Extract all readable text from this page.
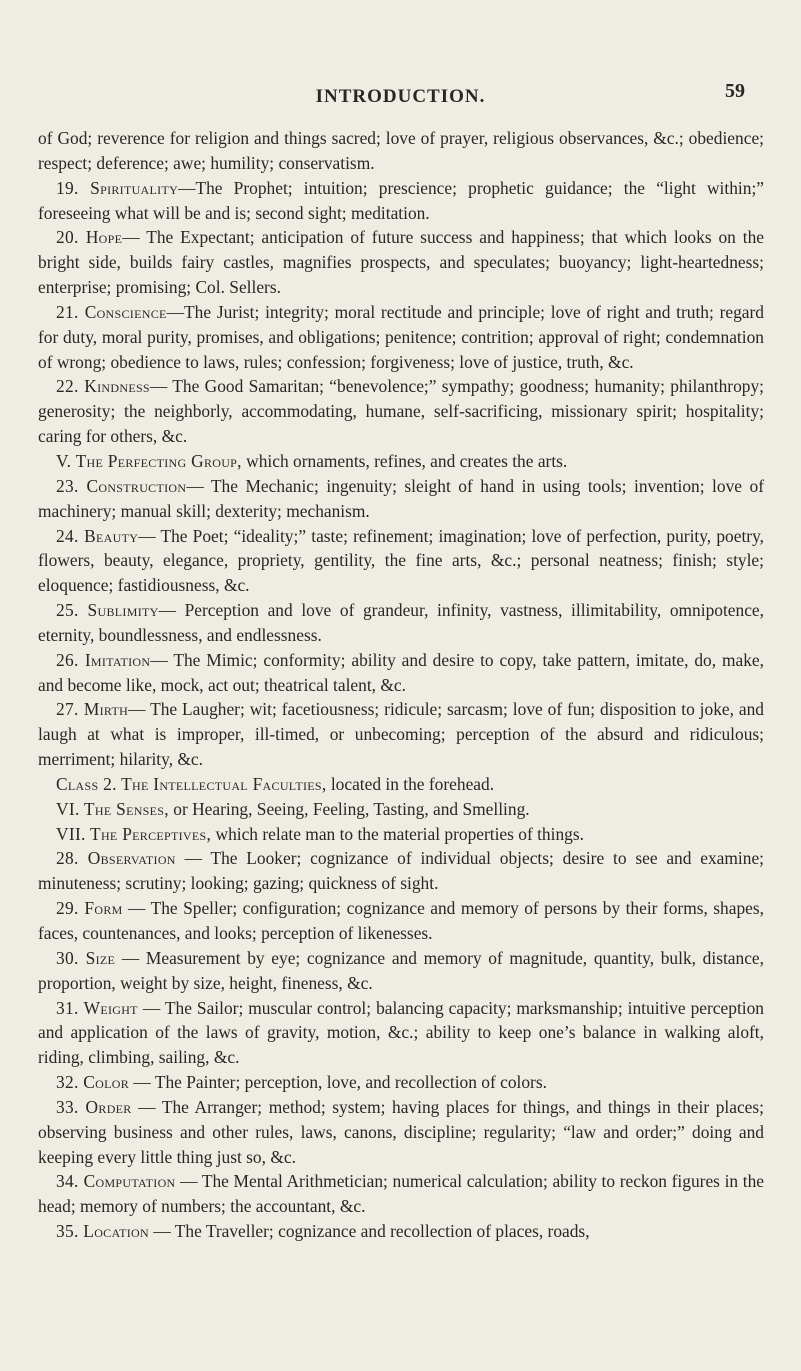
INTRODUCTION.	59

of God; reverence for religion and things sacred; love of prayer, religious observances, &c.; obedience; respect; deference; awe; humility; conservatism.

19. Spirituality—The Prophet; intuition; prescience; prophetic guidance; the “light within;” foreseeing what will be and is; second sight; meditation.

20. Hope— The Expectant; anticipation of future success and happiness; that which looks on the bright side, builds fairy castles, magnifies prospects, and speculates; buoyancy; light-heartedness; enterprise; promising; Col. Sellers.

21. Conscience—The Jurist; integrity; moral rectitude and principle; love of right and truth; regard for duty, moral purity, promises, and obligations; penitence; contrition; approval of right; condemnation of wrong; obedience to laws, rules; confession; forgiveness; love of justice, truth, &c.

22. Kindness— The Good Samaritan; “benevolence;” sympathy; goodness; humanity; philanthropy; generosity; the neighborly, accommodating, humane, self-sacrificing, missionary spirit; hospitality; caring for others, &c.

V. The Perfecting Group, which ornaments, refines, and creates the arts.

23. Construction— The Mechanic; ingenuity; sleight of hand in using tools; invention; love of machinery; manual skill; dexterity; mechanism.

24. Beauty— The Poet; “ideality;” taste; refinement; imagination; love of perfection, purity, poetry, flowers, beauty, elegance, propriety, gentility, the fine arts, &c.; personal neatness; finish; style; eloquence; fastidiousness, &c.

25. Sublimity— Perception and love of grandeur, infinity, vastness, illimitability, omnipotence, eternity, boundlessness, and endlessness.

26. Imitation— The Mimic; conformity; ability and desire to copy, take pattern, imitate, do, make, and become like, mock, act out; theatrical talent, &c.

27. Mirth— The Laugher; wit; facetiousness; ridicule; sarcasm; love of fun; disposition to joke, and laugh at what is improper, ill-timed, or unbecoming; perception of the absurd and ridiculous; merriment; hilarity, &c.

Class 2. The Intellectual Faculties, located in the forehead.

VI. The Senses, or Hearing, Seeing, Feeling, Tasting, and Smelling.

VII. The Perceptives, which relate man to the material properties of things.

28. Observation — The Looker; cognizance of individual objects; desire to see and examine; minuteness; scrutiny; looking; gazing; quickness of sight.

29. Form — The Speller; configuration; cognizance and memory of persons by their forms, shapes, faces, countenances, and looks; perception of likenesses.

30. Size — Measurement by eye; cognizance and memory of magnitude, quantity, bulk, distance, proportion, weight by size, height, fineness, &c.

31. Weight — The Sailor; muscular control; balancing capacity; marksmanship; intuitive perception and application of the laws of gravity, motion, &c.; ability to keep one’s balance in walking aloft, riding, climbing, sailing, &c.

32. Color — The Painter; perception, love, and recollection of colors.

33. Order — The Arranger; method; system; having places for things, and things in their places; observing business and other rules, laws, canons, discipline; regularity; “law and order;” doing and keeping every little thing just so, &c.

34. Computation — The Mental Arithmetician; numerical calculation; ability to reckon figures in the head; memory of numbers; the accountant, &c.

35. Location — The Traveller; cognizance and recollection of places, roads,
